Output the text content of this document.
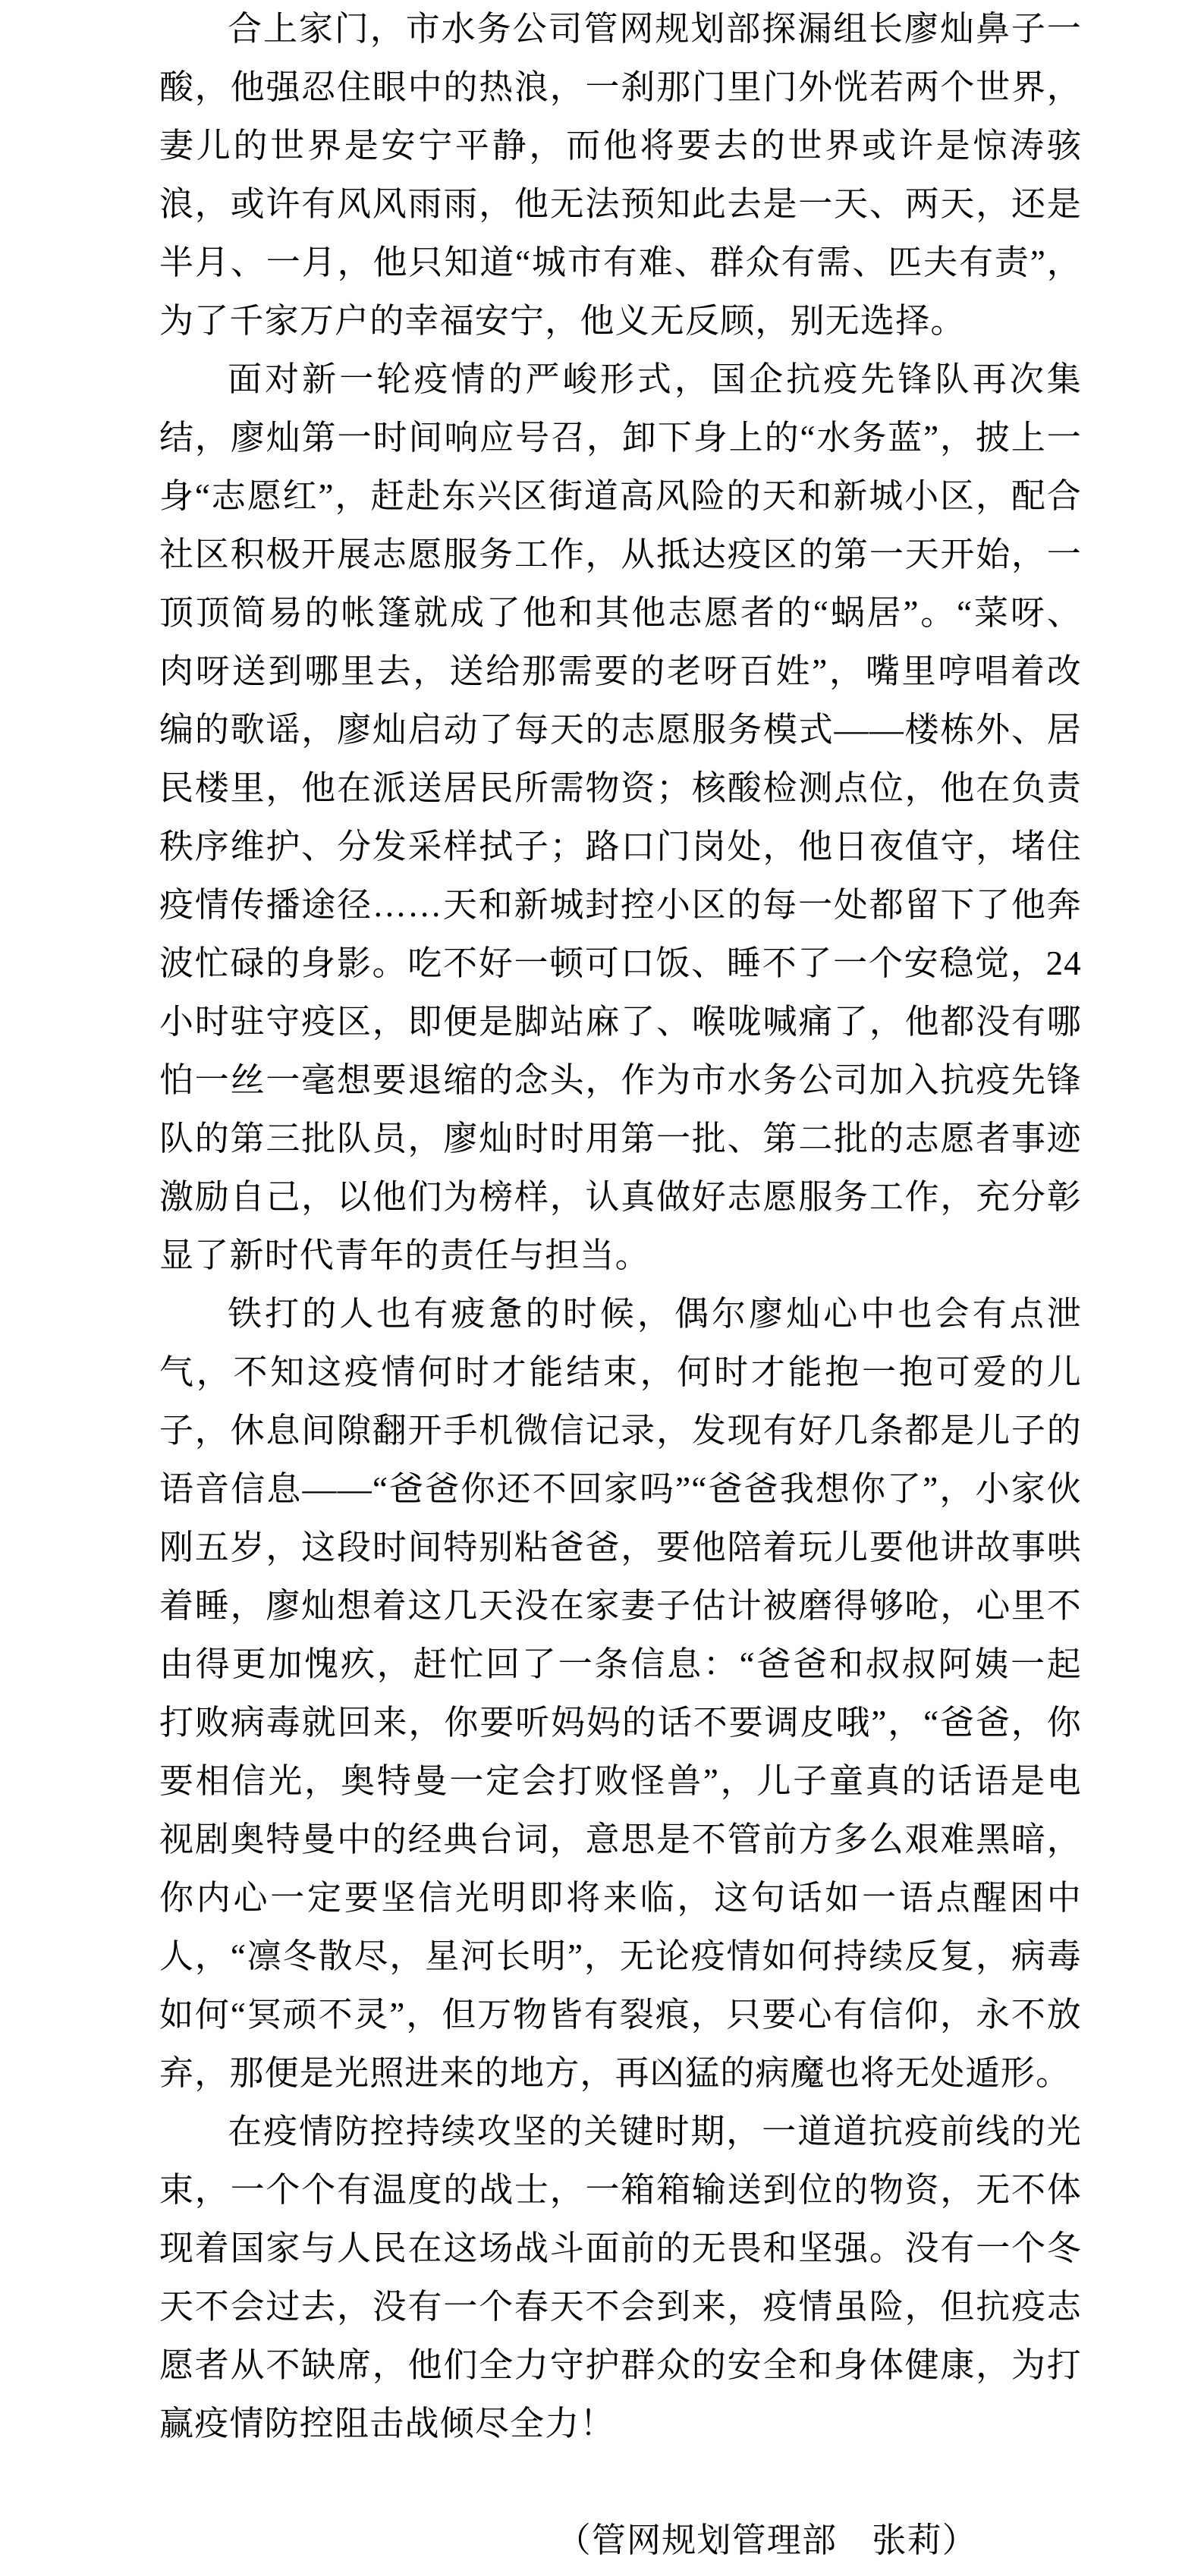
合上家门，市水务公司管网规划部探漏组长廖灿鼻子一酸，他强忍住眼中的热浪，一刹那门里门外恍若两个世界，妻儿的世界是安宁平静，而他将要去的世界或许是惊涛骇浪，或许有风风雨雨，他无法预知此去是一天、两天，还是半月、一月，他只知道“城市有难、群众有需、匹夫有责”，为了千家万户的幸福安宁，他义无反顾，别无选择。

面对新一轮疫情的严峻形式，国企抗疫先锋队再次集结，廖灿第一时间响应号召，卸下身上的“水务蓝”，披上一身“志愿红”，赶赴东兴区街道高风险的天和新城小区，配合社区积极开展志愿服务工作，从抵达疫区的第一天开始，一顶顶简易的帐篷就成了他和其他志愿者的“蜗居”。“菜呀、肉呀送到哪里去，送给那需要的老呀百姓”，嘴里哼唱着改编的歌谣，廖灿启动了每天的志愿服务模式——楼栋外、居民楼里，他在派送居民所需物资；核酸检测点位，他在负责秩序维护、分发采样拭子；路口门岗处，他日夜值守，堵住疫情传播途径……天和新城封控小区的每一处都留下了他奔波忙碌的身影。吃不好一顿可口饭、睡不了一个安稳觉，24 小时驻守疫区，即便是脚站麻了、喉咙喊痛了，他都没有哪怕一丝一毫想要退缩的念头，作为市水务公司加入抗疫先锋队的第三批队员，廖灿时时用第一批、第二批的志愿者事迹激励自己，以他们为榜样，认真做好志愿服务工作，充分彰显了新时代青年的责任与担当。

铁打的人也有疲惫的时候，偶尔廖灿心中也会有点泄气，不知这疫情何时才能结束，何时才能抱一抱可爱的儿子，休息间隙翻开手机微信记录，发现有好几条都是儿子的语音信息——“爸爸你还不回家吗”“爸爸我想你了”，小家伙刚五岁，这段时间特别粘爸爸，要他陪着玩儿要他讲故事哄着睡，廖灿想着这几天没在家妻子估计被磨得够呛，心里不由得更加愧疚，赶忙回了一条信息：“爸爸和叔叔阿姨一起打败病毒就回来，你要听妈妈的话不要调皮哦”，“爸爸，你要相信光，奥特曼一定会打败怪兽”，儿子童真的话语是电视剧奥特曼中的经典台词，意思是不管前方多么艰难黑暗，你内心一定要坚信光明即将来临，这句话如一语点醒困中人，“凛冬散尽，星河长明”，无论疫情如何持续反复，病毒如何“冥顽不灵”，但万物皆有裂痕，只要心有信仰，永不放弃，那便是光照进来的地方，再凶猛的病魔也将无处遁形。

在疫情防控持续攻坚的关键时期，一道道抗疫前线的光束，一个个有温度的战士，一箱箱输送到位的物资，无不体现着国家与人民在这场战斗面前的无畏和坚强。没有一个冬天不会过去，没有一个春天不会到来，疫情虽险，但抗疫志愿者从不缺席，他们全力守护群众的安全和身体健康，为打赢疫情防控阻击战倾尽全力！

（管网规划管理部　张莉）
